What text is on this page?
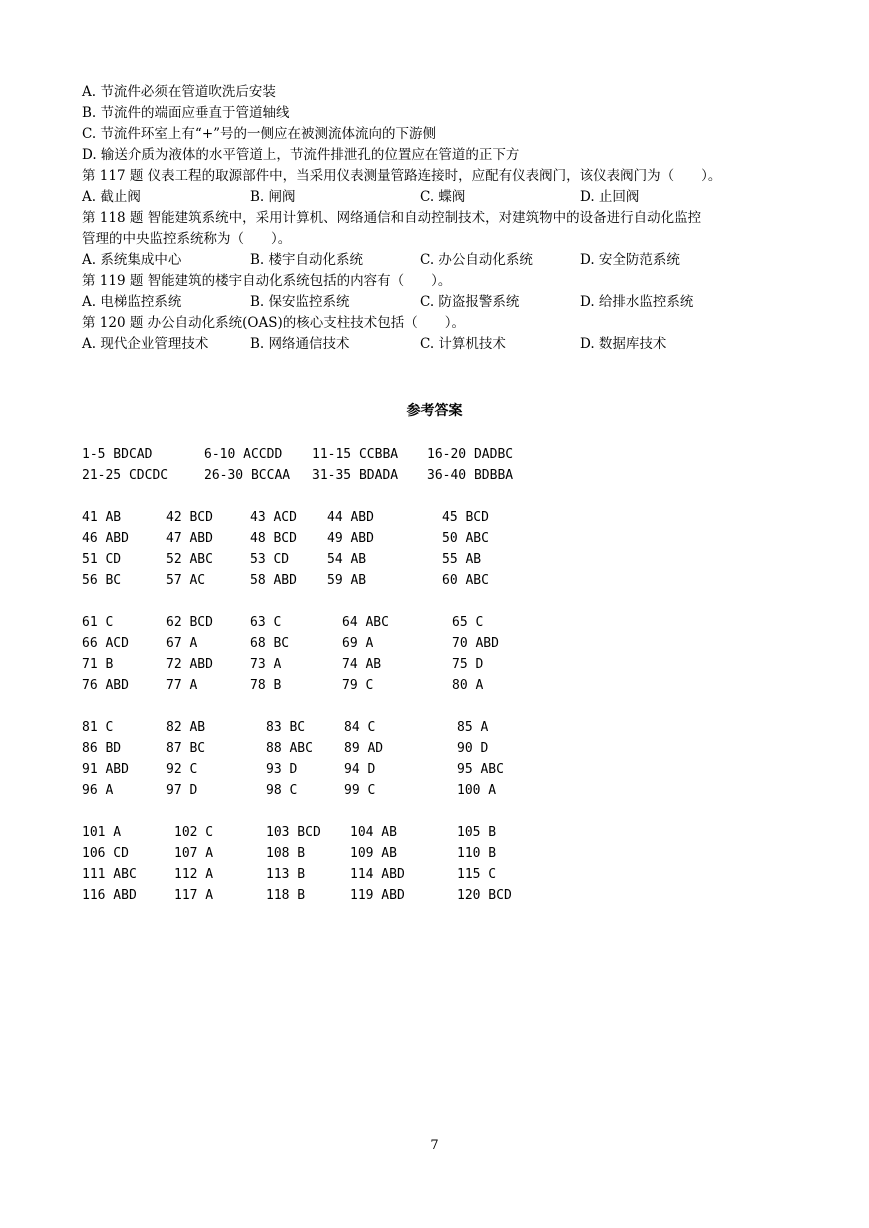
A. 节流件必须在管道吹洗后安装
B. 节流件的端面应垂直于管道轴线
C. 节流件环室上有“+”号的一侧应在被测流体流向的下游侧
D. 输送介质为液体的水平管道上，节流件排泄孔的位置应在管道的正下方
第 117 题 仪表工程的取源部件中，当采用仪表测量管路连接时，应配有仪表阀门，该仪表阀门为（　　）。
A. 截止阀	B. 闸阀	C. 蝶阀	D. 止回阀
第 118 题 智能建筑系统中，采用计算机、网络通信和自动控制技术，对建筑物中的设备进行自动化监控
管理的中央监控系统称为（　　）。
A. 系统集成中心	B. 楼宇自动化系统	C. 办公自动化系统	D. 安全防范系统
第 119 题 智能建筑的楼宇自动化系统包括的内容有（　　）。
A. 电梯监控系统	B. 保安监控系统	C. 防盗报警系统	D. 给排水监控系统
第 120 题 办公自动化系统(OAS)的核心支柱技术包括（　　）。
A. 现代企业管理技术	B. 网络通信技术	C. 计算机技术	D. 数据库技术
参考答案
1-5 BDCAD	6-10 ACCDD 11-15 CCBBA 16-20 DADBC
21-25 CDCDC	26-30 BCCAA 31-35 BDADA 36-40 BDBBA
41 AB	42 BCD	43 ACD 44 ABD	45 BCD
46 ABD	47 ABD	48 BCD 49 ABD	50 ABC
51 CD	52 ABC	53 CD	54 AB	55 AB
56 BC	57 AC	58 ABD 59 AB	60 ABC
61 C	62 BCD	63 C	64 ABC	65 C
66 ACD	67 A	68 BC	69 A	70 ABD
71 B	72 ABD	73 A	74 AB	75 D
76 ABD	77 A	78 B	79 C	80 A
81 C	82 AB	83 BC	84 C	85 A
86 BD	87 BC	88 ABC 89 AD	90 D
91 ABD	92 C	93 D	94 D	95 ABC
96 A	97 D	98 C	99 C	100 A
101 A	102 C	103 BCD 104 AB	105 B
106 CD	107 A	108 B	109 AB	110 B
111 ABC	112 A	113 B	114 ABD	115 C
116 ABD	117 A	118 B	119 ABD	120 BCD
7
